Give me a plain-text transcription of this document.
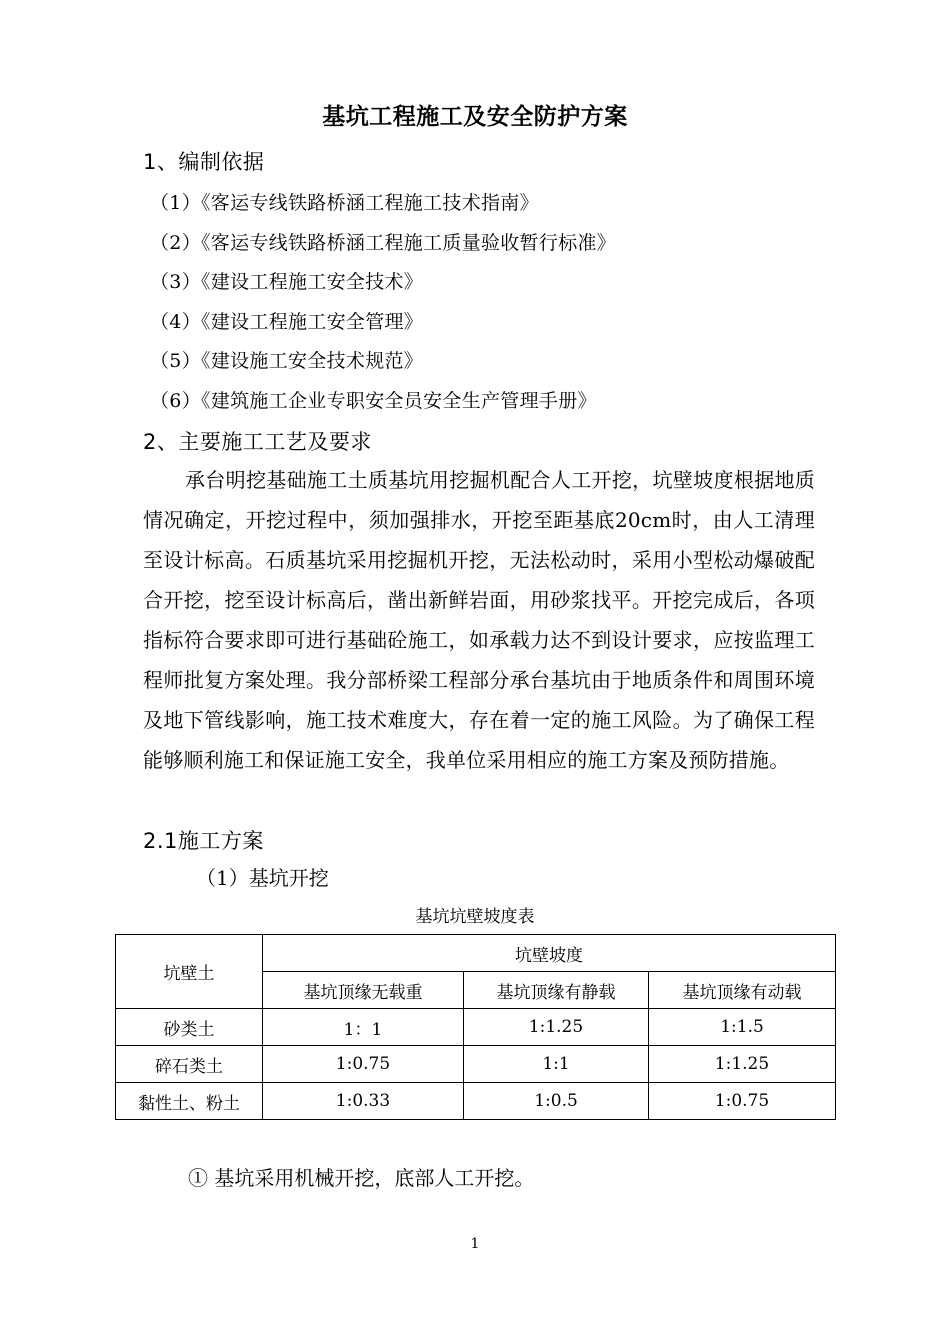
基坑工程施工及安全防护方案
1、编制依据
（1）《客运专线铁路桥涵工程施工技术指南》
（2）《客运专线铁路桥涵工程施工质量验收暂行标准》
（3）《建设工程施工安全技术》
（4）《建设工程施工安全管理》
（5）《建设施工安全技术规范》
（6）《建筑施工企业专职安全员安全生产管理手册》
2、主要施工工艺及要求
承台明挖基础施工土质基坑用挖掘机配合人工开挖，坑壁坡度根据地质情况确定，开挖过程中，须加强排水，开挖至距基底20cm时，由人工清理至设计标高。石质基坑采用挖掘机开挖，无法松动时，采用小型松动爆破配合开挖，挖至设计标高后，凿出新鲜岩面，用砂浆找平。开挖完成后，各项指标符合要求即可进行基础砼施工，如承载力达不到设计要求，应按监理工程师批复方案处理。我分部桥梁工程部分承台基坑由于地质条件和周围环境及地下管线影响，施工技术难度大，存在着一定的施工风险。为了确保工程能够顺利施工和保证施工安全，我单位采用相应的施工方案及预防措施。
2.1施工方案
（1）基坑开挖
基坑坑壁坡度表
坑壁土	坑壁坡度		
	基坑顶缘无载重	基坑顶缘有静载	基坑顶缘有动载
砂类土	1：1	1:1.25	1:1.5
碎石类土	1:0.75	1:1	1:1.25
黏性土、粉土	1:0.33	1:0.5	1:0.75
① 基坑采用机械开挖，底部人工开挖。
1
